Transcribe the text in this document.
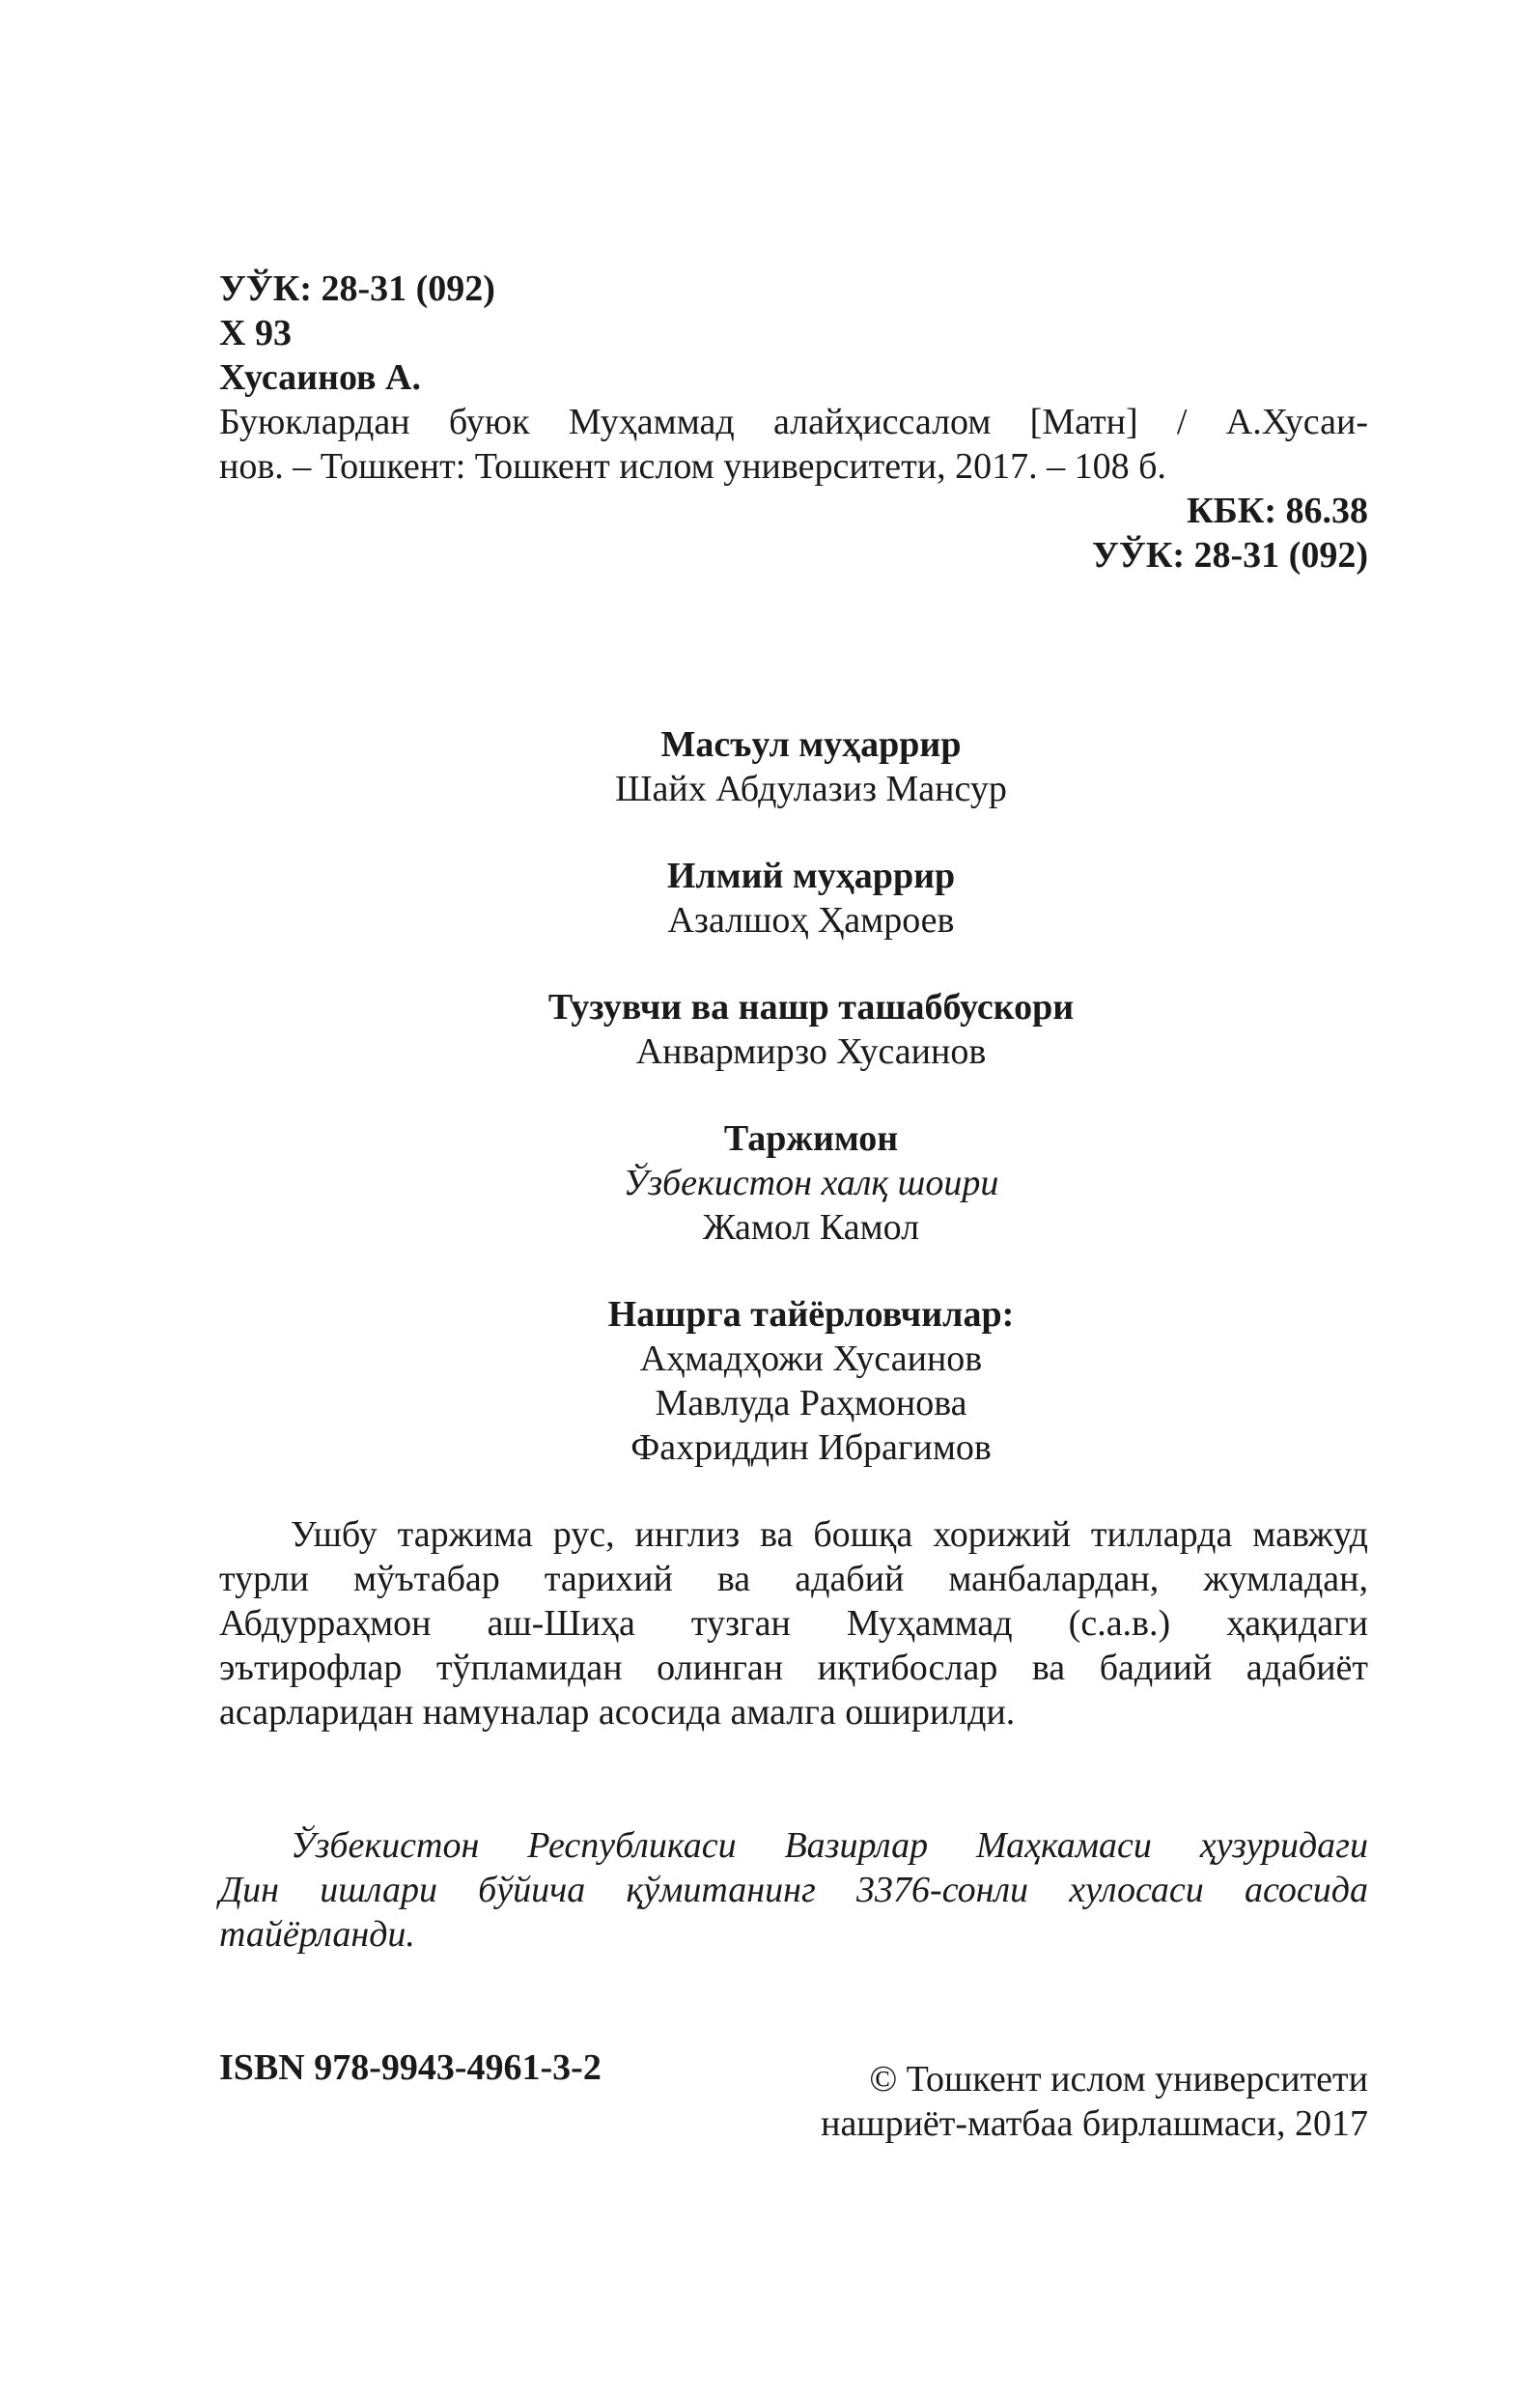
УЎК: 28-31 (092)
Х 93
Хусаинов А.
Буюклардан буюк Муҳаммад алайҳиссалом [Матн] / А.Хусаи-
нов. – Тошкент: Тошкент ислом университети, 2017. – 108 б.
КБК: 86.38
УЎК: 28-31 (092)
Масъул муҳаррир
Шайх Абдулазиз Мансур
Илмий муҳаррир
Азалшоҳ Ҳамроев
Тузувчи ва нашр ташаббускори
Анвармирзо Хусаинов
Таржимон
Ўзбекистон халқ шоири
Жамол Камол
Нашрга тайёрловчилар:
Аҳмадҳожи Хусаинов
Мавлуда Раҳмонова
Фахриддин Ибрагимов
Ушбу таржима рус, инглиз ва бошқа хорижий тилларда мавжуд
турли мўътабар тарихий ва адабий манбалардан, жумладан,
Абдурраҳмон аш-Шиҳа тузган Муҳаммад (с.а.в.) ҳақидаги
эътирофлар тўпламидан олинган иқтибослар ва бадиий адабиёт
асарларидан намуналар асосида амалга оширилди.
Ўзбекистон Республикаси Вазирлар Маҳкамаси ҳузуридаги
Дин ишлари бўйича қўмитанинг 3376-сонли хулосаси асосида
тайёрланди.
ISBN 978-9943-4961-3-2	© Тошкент ислом университети
нашриёт-матбаа бирлашмаси, 2017
